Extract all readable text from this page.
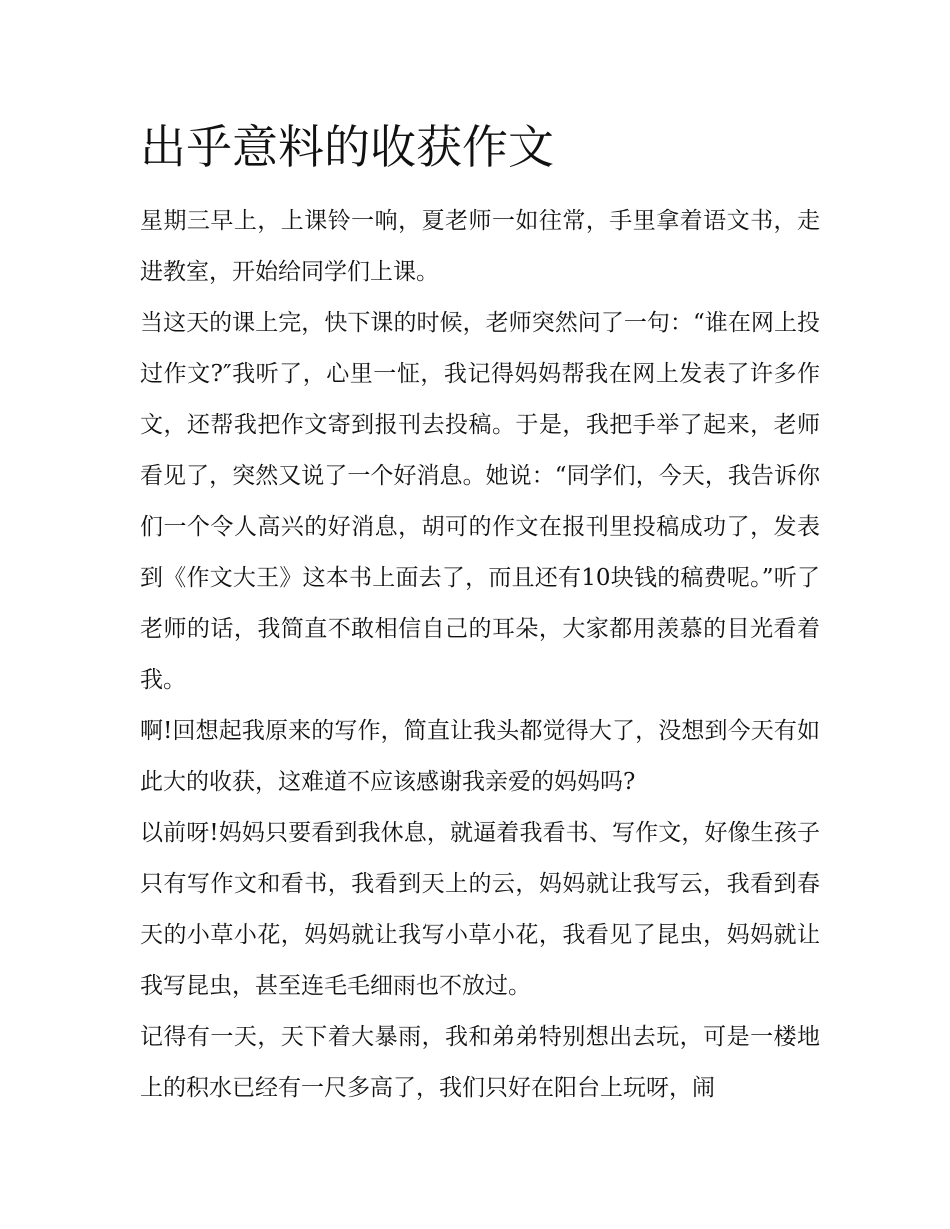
出乎意料的收获作文

星期三早上，上课铃一响，夏老师一如往常，手里拿着语文书，走进教室，开始给同学们上课。

当这天的课上完，快下课的时候，老师突然问了一句：“谁在网上投过作文?″我听了，心里一怔，我记得妈妈帮我在网上发表了许多作文，还帮我把作文寄到报刊去投稿。于是，我把手举了起来，老师看见了，突然又说了一个好消息。她说：“同学们，今天，我告诉你们一个令人高兴的好消息，胡可的作文在报刊里投稿成功了，发表到《作文大王》这本书上面去了，而且还有10块钱的稿费呢。”听了老师的话，我简直不敢相信自己的耳朵，大家都用羡慕的目光看着我。

啊!回想起我原来的写作，简直让我头都觉得大了，没想到今天有如此大的收获，这难道不应该感谢我亲爱的妈妈吗?

以前呀!妈妈只要看到我休息，就逼着我看书、写作文，好像生孩子只有写作文和看书，我看到天上的云，妈妈就让我写云，我看到春天的小草小花，妈妈就让我写小草小花，我看见了昆虫，妈妈就让我写昆虫，甚至连毛毛细雨也不放过。

记得有一天，天下着大暴雨，我和弟弟特别想出去玩，可是一楼地上的积水已经有一尺多高了，我们只好在阳台上玩呀，闹
